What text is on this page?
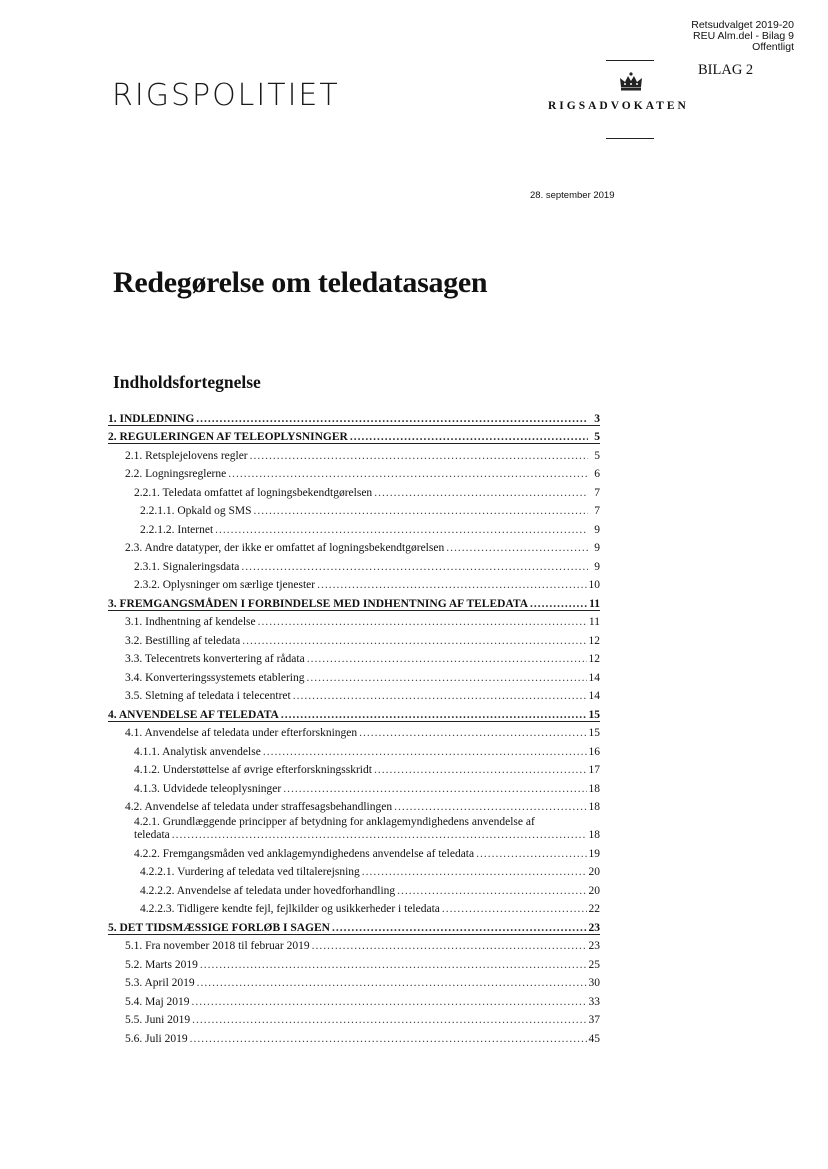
Retsudvalget 2019-20
REU Alm.del - Bilag 9
Offentligt
RIGSPOLITIET	RIGSADVOKATEN
BILAG 2
28. september 2019
Redegørelse om teledatasagen
Indholdsfortegnelse
1. INDLEDNING .....	3
2. REGULERINGEN AF TELEOPLYSNINGER .....	5
2.1. Retsplejelovens regler .....	5
2.2. Logningsreglerne .....	6
2.2.1. Teledata omfattet af logningsbekendtgørelsen .....	7
2.2.1.1. Opkald og SMS .....	7
2.2.1.2. Internet .....	9
2.3. Andre datatyper, der ikke er omfattet af logningsbekendtgørelsen .....	9
2.3.1. Signaleringsdata .....	9
2.3.2. Oplysninger om særlige tjenester .....	10
3. FREMGANGSMÅDEN I FORBINDELSE MED INDHENTNING AF TELEDATA .....	11
3.1. Indhentning af kendelse .....	11
3.2. Bestilling af teledata .....	12
3.3. Telecentrets konvertering af rådata .....	12
3.4. Konverteringssystemets etablering .....	14
3.5. Sletning af teledata i telecentret .....	14
4. ANVENDELSE AF TELEDATA .....	15
4.1. Anvendelse af teledata under efterforskningen .....	15
4.1.1. Analytisk anvendelse .....	16
4.1.2. Understøttelse af øvrige efterforskningsskridt .....	17
4.1.3. Udvidede teleoplysninger .....	18
4.2. Anvendelse af teledata under straffesagsbehandlingen .....	18
4.2.1. Grundlæggende principper af betydning for anklagemyndighedens anvendelse af
teledata .....	18
4.2.2. Fremgangsmåden ved anklagemyndighedens anvendelse af teledata .....	19
4.2.2.1. Vurdering af teledata ved tiltalerejsning .....	20
4.2.2.2. Anvendelse af teledata under hovedforhandling .....	20
4.2.2.3. Tidligere kendte fejl, fejlkilder og usikkerheder i teledata .....	22
5. DET TIDSMÆSSIGE FORLØB I SAGEN .....	23
5.1. Fra november 2018 til februar 2019 .....	23
5.2. Marts 2019 .....	25
5.3. April 2019 .....	30
5.4. Maj 2019 .....	33
5.5. Juni 2019 .....	37
5.6. Juli 2019 .....	45
